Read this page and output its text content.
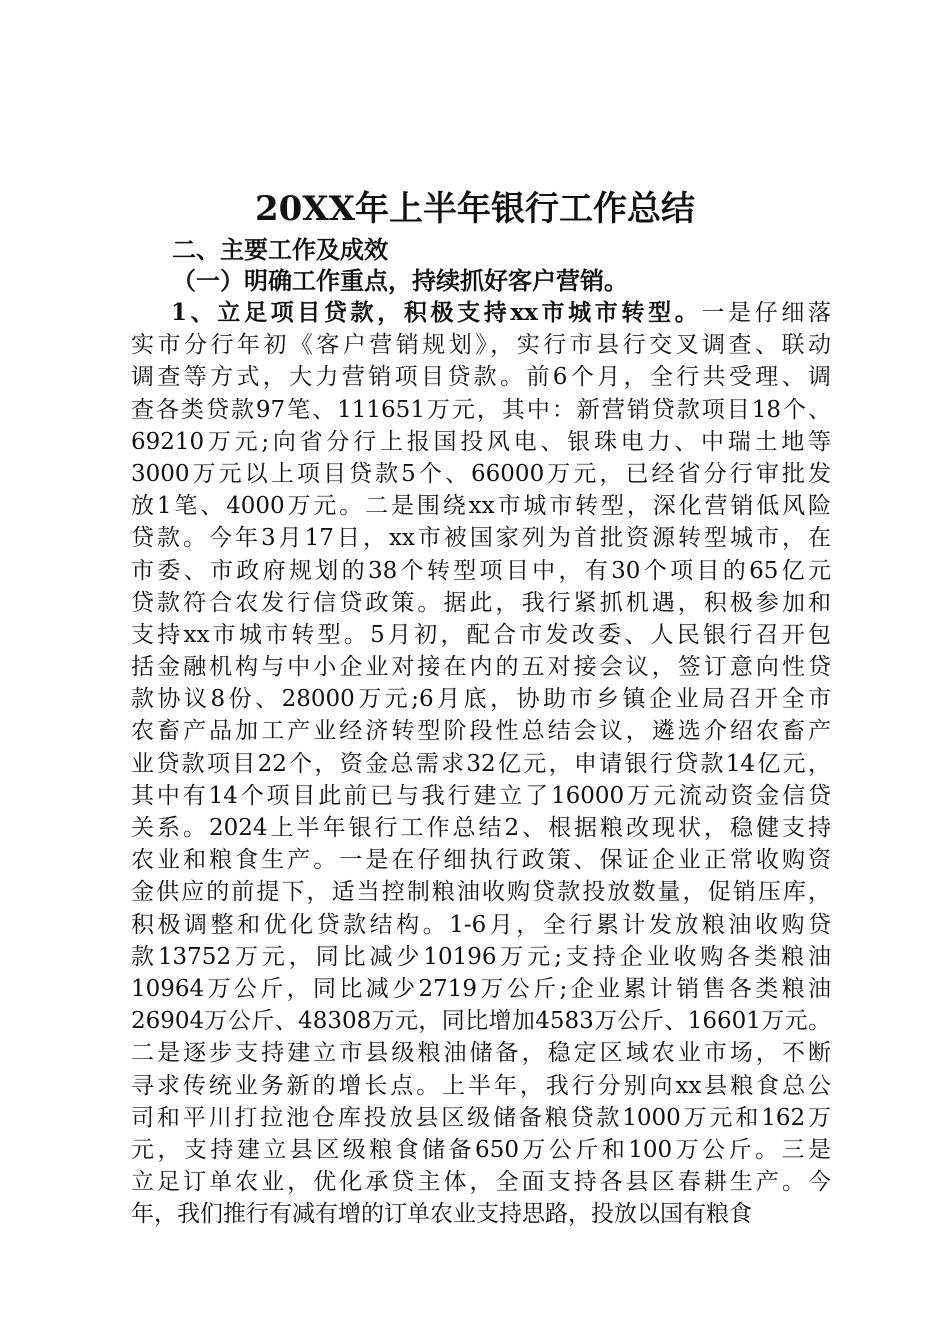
20XX年上半年银行工作总结
二、主要工作及成效
（一）明确工作重点，持续抓好客户营销。
1、立足项目贷款，积极支持xx市城市转型。一是仔细落
实市分行年初《客户营销规划》，实行市县行交叉调查、联动
调查等方式，大力营销项目贷款。前6个月，全行共受理、调
查各类贷款97笔、111651万元，其中：新营销贷款项目18个、
69210万元;向省分行上报国投风电、银珠电力、中瑞土地等
3000万元以上项目贷款5个、66000万元，已经省分行审批发
放1笔、4000万元。二是围绕xx市城市转型，深化营销低风险
贷款。今年3月17日，xx市被国家列为首批资源转型城市，在
市委、市政府规划的38个转型项目中，有30个项目的65亿元
贷款符合农发行信贷政策。据此，我行紧抓机遇，积极参加和
支持xx市城市转型。5月初，配合市发改委、人民银行召开包
括金融机构与中小企业对接在内的五对接会议，签订意向性贷
款协议8份、28000万元;6月底，协助市乡镇企业局召开全市
农畜产品加工产业经济转型阶段性总结会议，遴选介绍农畜产
业贷款项目22个，资金总需求32亿元，申请银行贷款14亿元，
其中有14个项目此前已与我行建立了16000万元流动资金信贷
关系。2024上半年银行工作总结2、根据粮改现状，稳健支持
农业和粮食生产。一是在仔细执行政策、保证企业正常收购资
金供应的前提下，适当控制粮油收购贷款投放数量，促销压库，
积极调整和优化贷款结构。1-6月，全行累计发放粮油收购贷
款13752万元，同比减少10196万元;支持企业收购各类粮油
10964万公斤，同比减少2719万公斤;企业累计销售各类粮油
26904万公斤、48308万元，同比增加4583万公斤、16601万元。
二是逐步支持建立市县级粮油储备，稳定区域农业市场，不断
寻求传统业务新的增长点。上半年，我行分别向xx县粮食总公
司和平川打拉池仓库投放县区级储备粮贷款1000万元和162万
元，支持建立县区级粮食储备650万公斤和100万公斤。三是
立足订单农业，优化承贷主体，全面支持各县区春耕生产。今
年，我们推行有减有增的订单农业支持思路，投放以国有粮食
